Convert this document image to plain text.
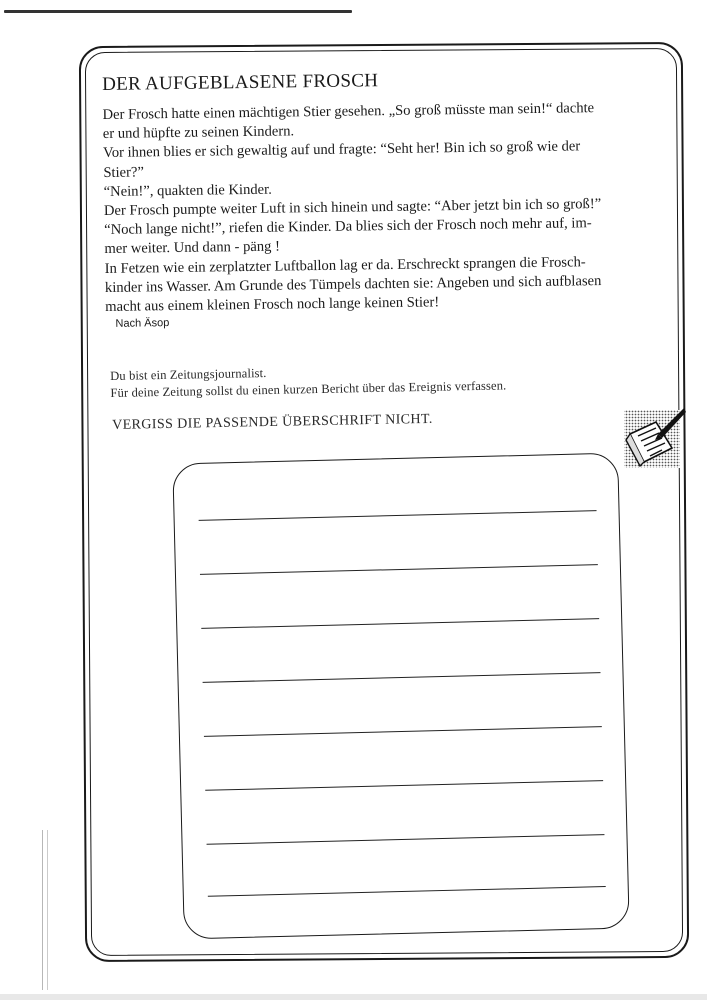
DER AUFGEBLASENE FROSCH

Der Frosch hatte einen mächtigen Stier gesehen. „So groß müsste man sein!“ dachte

er und hüpfte zu seinen Kindern.

Vor ihnen blies er sich gewaltig auf und fragte: “Seht her! Bin ich so groß wie der

Stier?”

“Nein!”, quakten die Kinder.

Der Frosch pumpte weiter Luft in sich hinein und sagte: “Aber jetzt bin ich so groß!”

“Noch lange nicht!”, riefen die Kinder. Da blies sich der Frosch noch mehr auf, im-

mer weiter. Und dann - päng !

In Fetzen wie ein zerplatzter Luftballon lag er da. Erschreckt sprangen die Frosch-

kinder ins Wasser. Am Grunde des Tümpels dachten sie: Angeben und sich aufblasen

macht aus einem kleinen Frosch noch lange keinen Stier!

Nach Äsop

Du bist ein Zeitungsjournalist.

Für deine Zeitung sollst du einen kurzen Bericht über das Ereignis verfassen.

VERGISS DIE PASSENDE ÜBERSCHRIFT NICHT.
